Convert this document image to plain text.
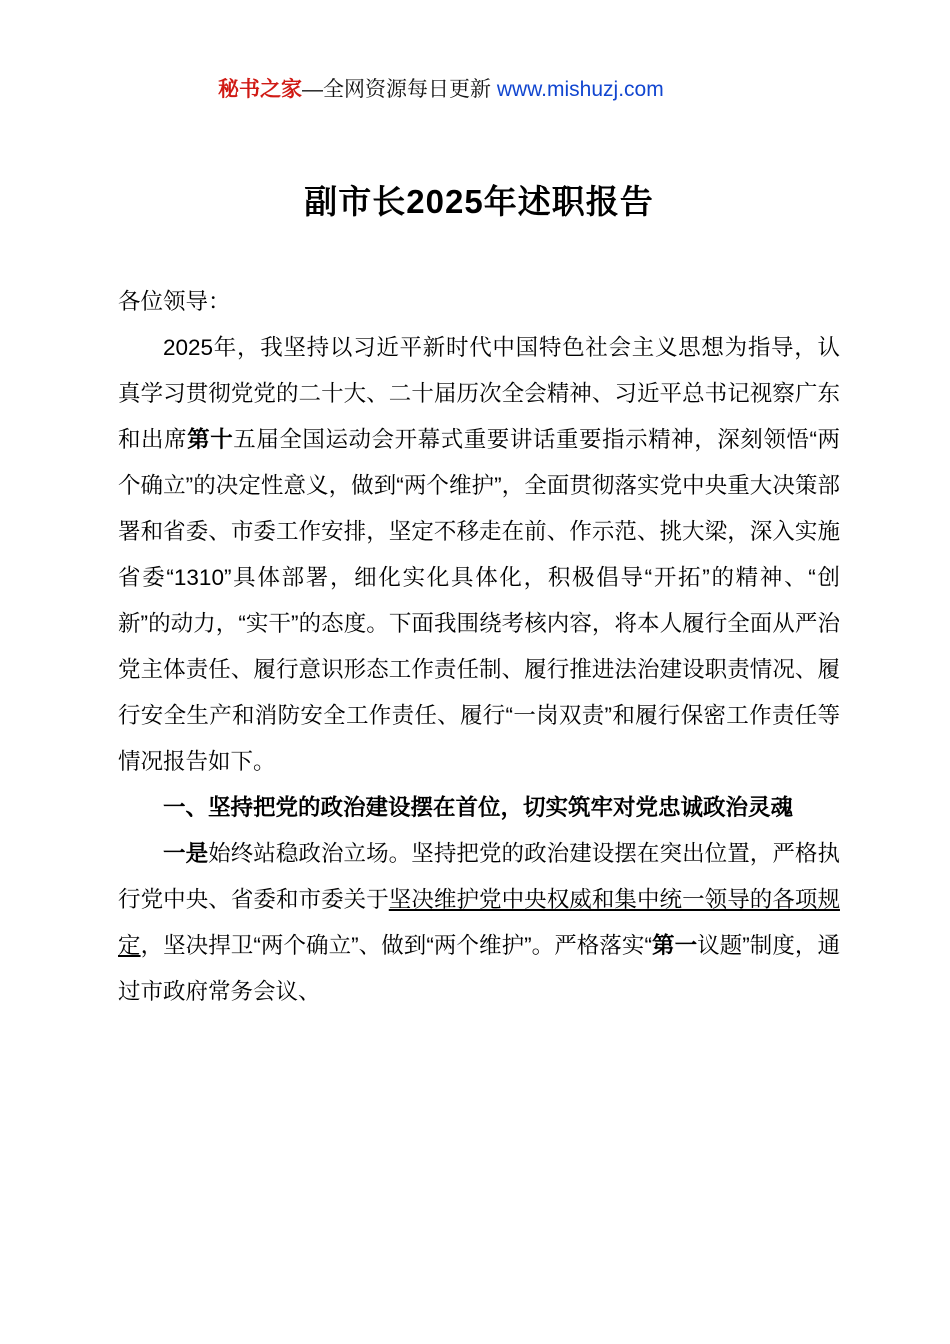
秘书之家—全网资源每日更新 www.mishuzj.com
副市长2025年述职报告

各位领导：

2025年，我坚持以习近平新时代中国特色社会主义思想为指导，认真学习贯彻党党的二十大、二十届历次全会精神、习近平总书记视察广东和出席第十五届全国运动会开幕式重要讲话重要指示精神，深刻领悟“两个确立”的决定性意义，做到“两个维护”，全面贯彻落实党中央重大决策部署和省委、市委工作安排，坚定不移走在前、作示范、挑大梁，深入实施省委“1310”具体部署，细化实化具体化，积极倡导“开拓”的精神、“创新”的动力，“实干”的态度。下面我围绕考核内容，将本人履行全面从严治党主体责任、履行意识形态工作责任制、履行推进法治建设职责情况、履行安全生产和消防安全工作责任、履行“一岗双责”和履行保密工作责任等情况报告如下。

一、坚持把党的政治建设摆在首位，切实筑牢对党忠诚政治灵魂

一是始终站稳政治立场。坚持把党的政治建设摆在突出位置，严格执行党中央、省委和市委关于坚决维护党中央权威和集中统一领导的各项规定，坚决捍卫“两个确立”、做到“两个维护”。严格落实“第一议题”制度，通过市政府常务会议、
